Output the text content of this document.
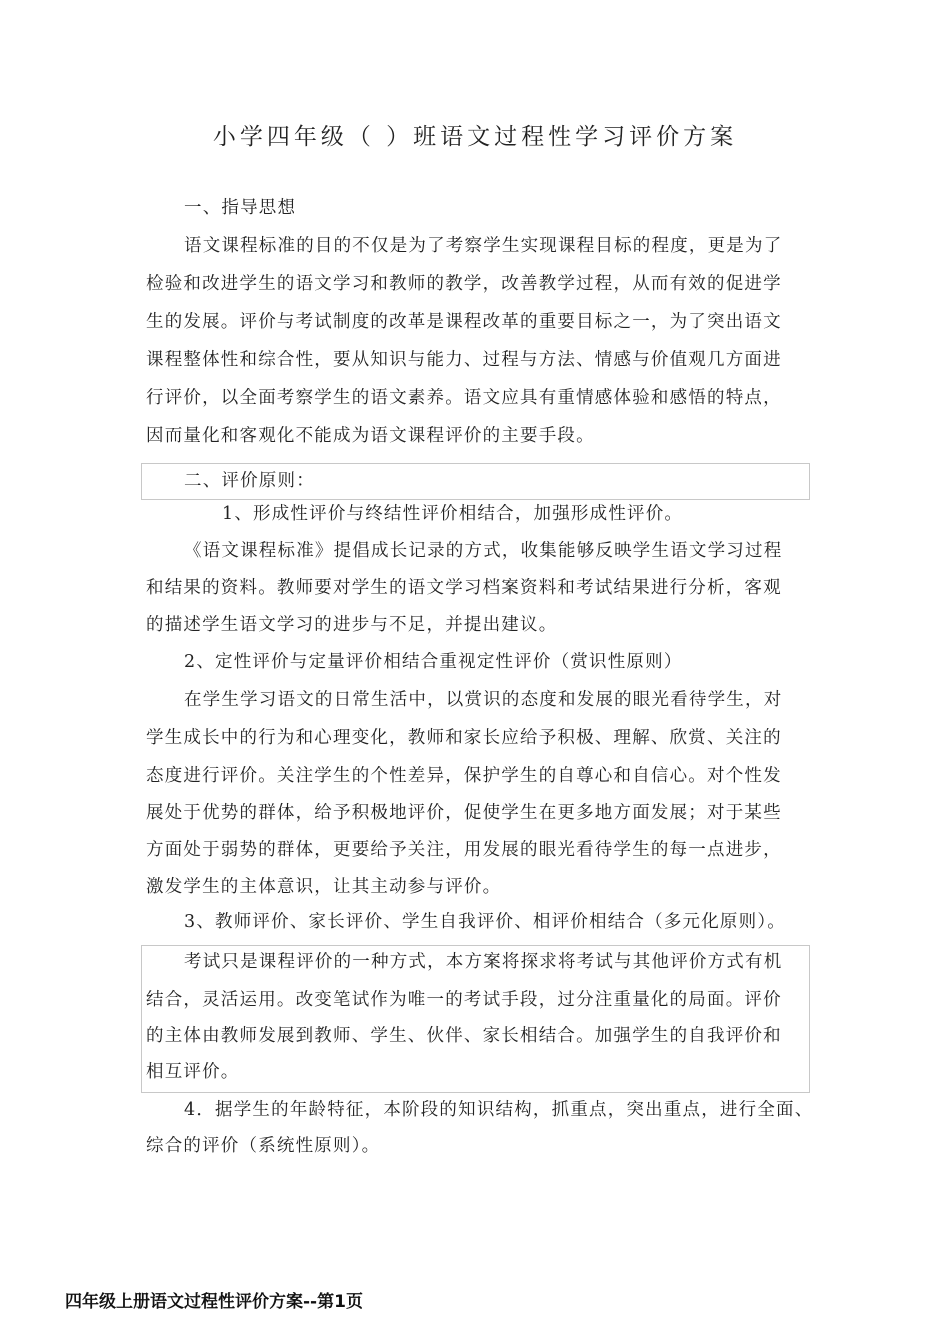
小学四年级（ ）班语文过程性学习评价方案
一、指导思想
语文课程标准的目的不仅是为了考察学生实现课程目标的程度，更是为了
检验和改进学生的语文学习和教师的教学，改善教学过程，从而有效的促进学
生的发展。评价与考试制度的改革是课程改革的重要目标之一，为了突出语文
课程整体性和综合性，要从知识与能力、过程与方法、情感与价值观几方面进
行评价，以全面考察学生的语文素养。语文应具有重情感体验和感悟的特点，
因而量化和客观化不能成为语文课程评价的主要手段。
二、评价原则：
1、形成性评价与终结性评价相结合，加强形成性评价。
《语文课程标准》提倡成长记录的方式，收集能够反映学生语文学习过程
和结果的资料。教师要对学生的语文学习档案资料和考试结果进行分析，客观
的描述学生语文学习的进步与不足，并提出建议。
2、定性评价与定量评价相结合重视定性评价（赏识性原则）
在学生学习语文的日常生活中，以赏识的态度和发展的眼光看待学生，对
学生成长中的行为和心理变化，教师和家长应给予积极、理解、欣赏、关注的
态度进行评价。关注学生的个性差异，保护学生的自尊心和自信心。对个性发
展处于优势的群体，给予积极地评价，促使学生在更多地方面发展；对于某些
方面处于弱势的群体，更要给予关注，用发展的眼光看待学生的每一点进步，
激发学生的主体意识，让其主动参与评价。
3、教师评价、家长评价、学生自我评价、相评价相结合（多元化原则）。
考试只是课程评价的一种方式，本方案将探求将考试与其他评价方式有机
结合，灵活运用。改变笔试作为唯一的考试手段，过分注重量化的局面。评价
的主体由教师发展到教师、学生、伙伴、家长相结合。加强学生的自我评价和
相互评价。
4．据学生的年龄特征，本阶段的知识结构，抓重点，突出重点，进行全面、
综合的评价（系统性原则）。
四年级上册语文过程性评价方案--第1页
